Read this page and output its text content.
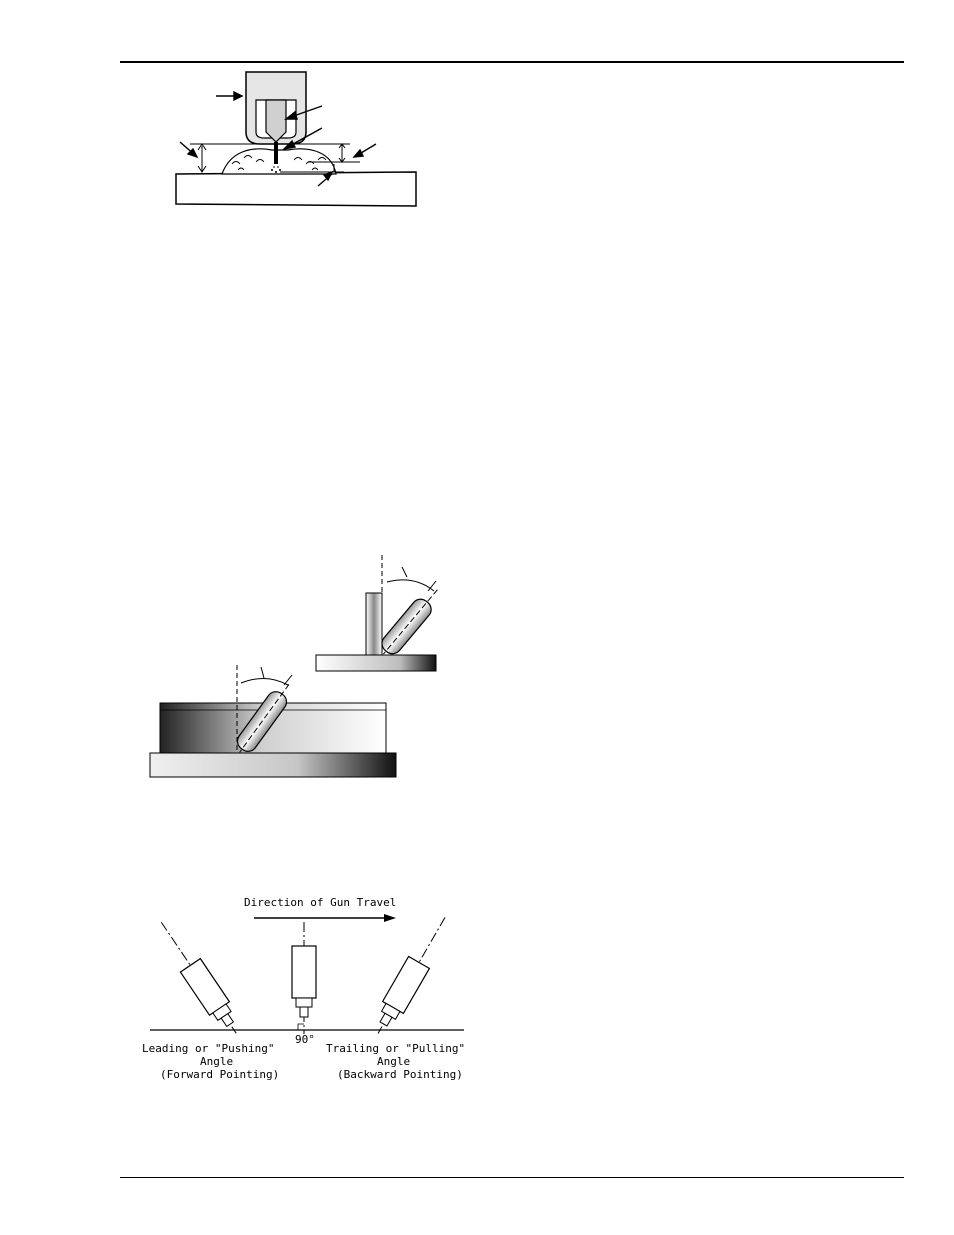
Direction of Gun Travel
90°
Leading or "Pushing"
Angle
(Forward Pointing)
Trailing or "Pulling"
Angle
(Backward Pointing)
